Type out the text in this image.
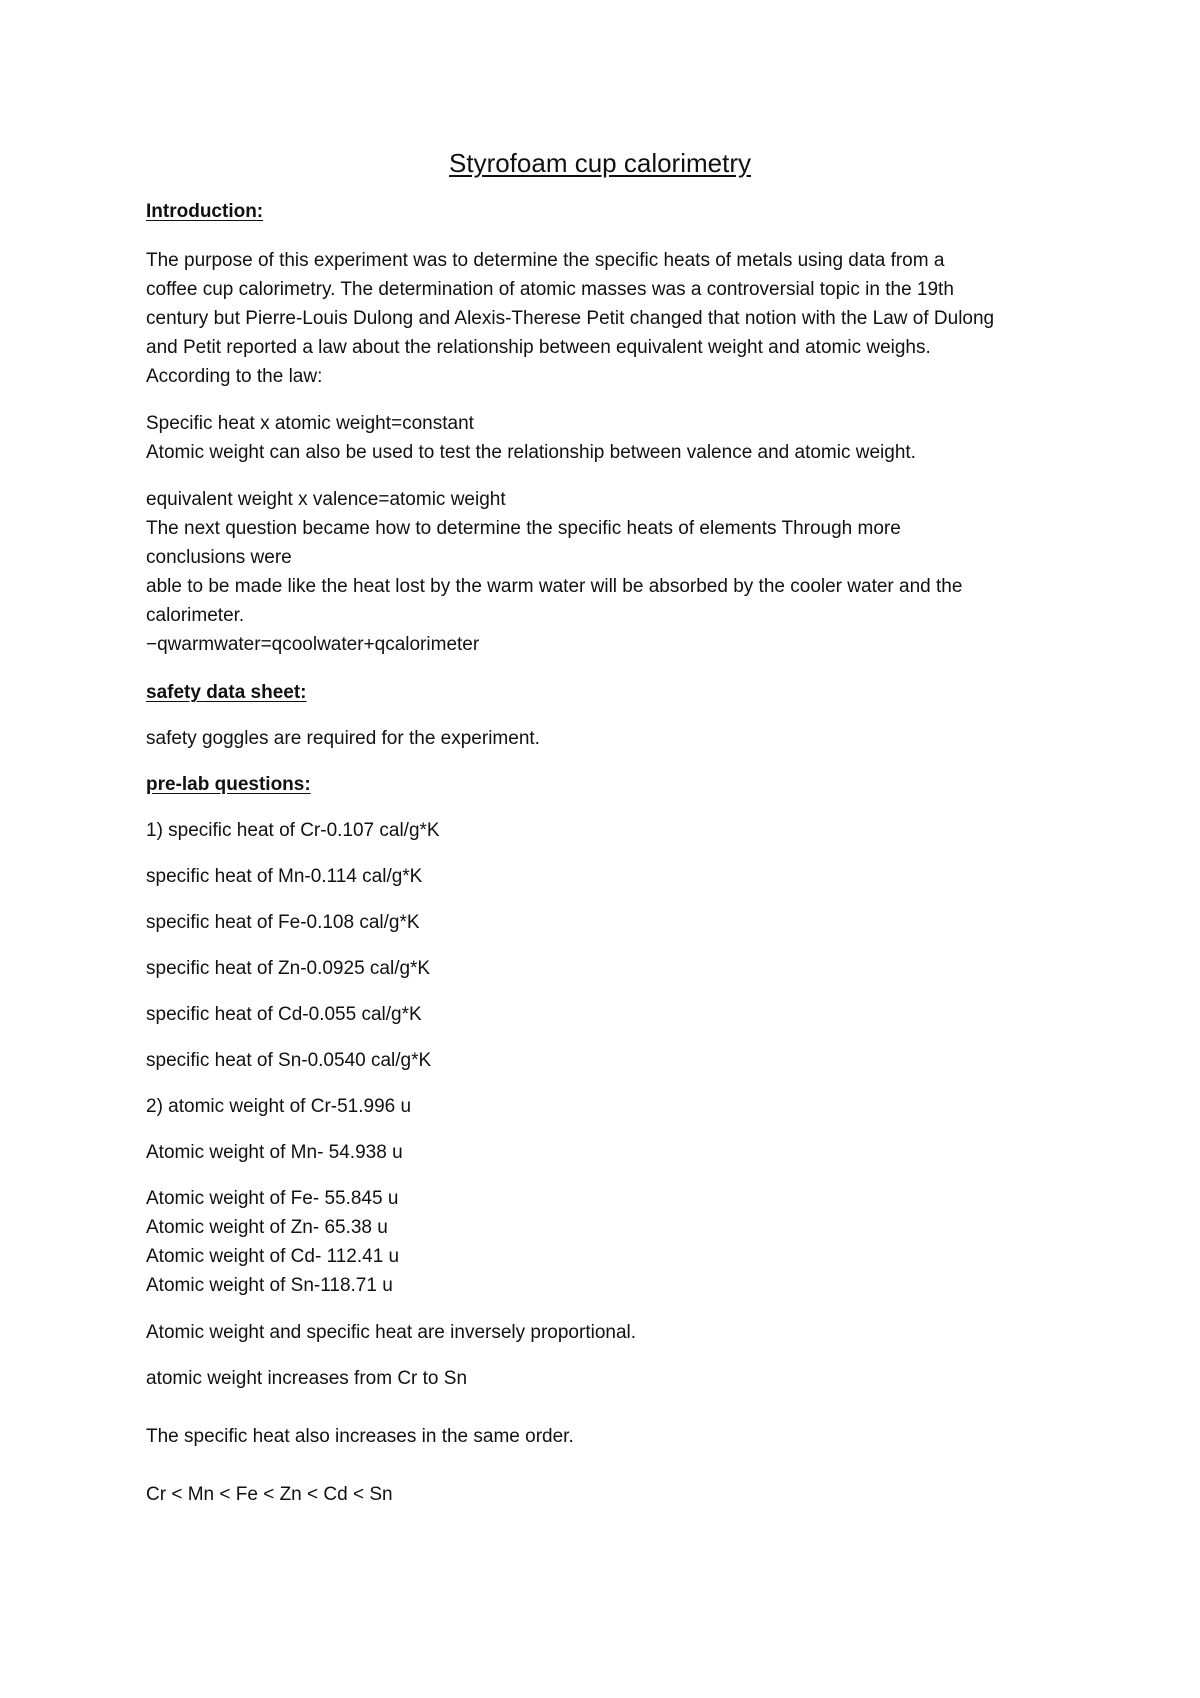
Styrofoam cup calorimetry
Introduction:
The purpose of this experiment was to determine the specific heats of metals using data from a
coffee cup calorimetry. The determination of atomic masses was a controversial topic in the 19th
century but Pierre-Louis Dulong and Alexis-Therese Petit changed that notion with the Law of Dulong
and Petit reported a law about the relationship between equivalent weight and atomic weighs.
According to the law:
Specific heat x atomic weight=constant
Atomic weight can also be used to test the relationship between valence and atomic weight.
equivalent weight x valence=atomic weight
The next question became how to determine the specific heats of elements Through more
conclusions were
able to be made like the heat lost by the warm water will be absorbed by the cooler water and the
calorimeter.
−qwarmwater=qcoolwater+qcalorimeter
safety data sheet:
safety goggles are required for the experiment.
pre-lab questions:
1) specific heat of Cr-0.107 cal/g*K
specific heat of Mn-0.114 cal/g*K
specific heat of Fe-0.108 cal/g*K
specific heat of Zn-0.0925 cal/g*K
specific heat of Cd-0.055 cal/g*K
specific heat of Sn-0.0540 cal/g*K
2) atomic weight of Cr-51.996 u
Atomic weight of Mn- 54.938 u
Atomic weight of Fe- 55.845 u
Atomic weight of Zn- 65.38 u
Atomic weight of Cd- 112.41 u
Atomic weight of Sn-118.71 u
Atomic weight and specific heat are inversely proportional.
atomic weight increases from Cr to Sn
The specific heat also increases in the same order.
Cr < Mn < Fe < Zn < Cd < Sn
